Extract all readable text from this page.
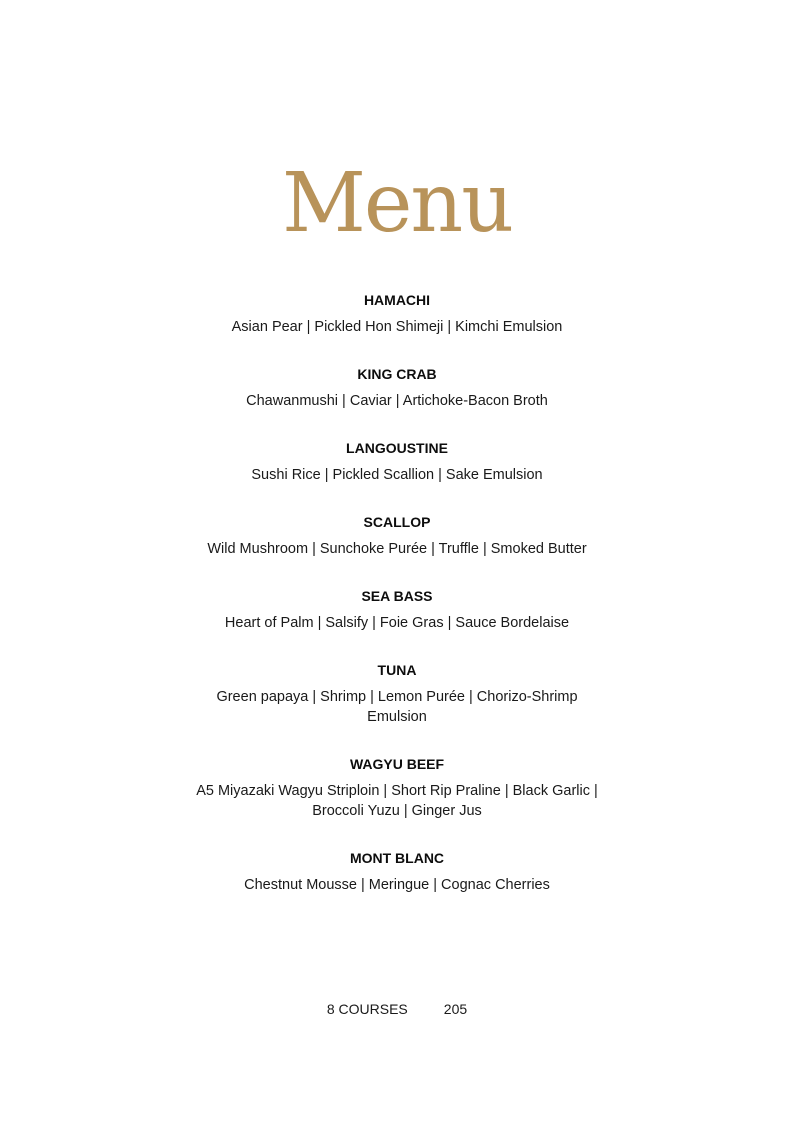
Menu
HAMACHI
Asian Pear | Pickled Hon Shimeji | Kimchi Emulsion
KING CRAB
Chawanmushi | Caviar | Artichoke-Bacon Broth
LANGOUSTINE
Sushi Rice | Pickled Scallion | Sake Emulsion
SCALLOP
Wild Mushroom | Sunchoke Purée | Truffle | Smoked Butter
SEA BASS
Heart of Palm | Salsify | Foie Gras | Sauce Bordelaise
TUNA
Green papaya | Shrimp | Lemon Purée | Chorizo-Shrimp Emulsion
WAGYU BEEF
A5 Miyazaki Wagyu Striploin | Short Rip Praline | Black Garlic | Broccoli Yuzu | Ginger Jus
MONT BLANC
Chestnut Mousse | Meringue | Cognac Cherries
8 COURSES	205
